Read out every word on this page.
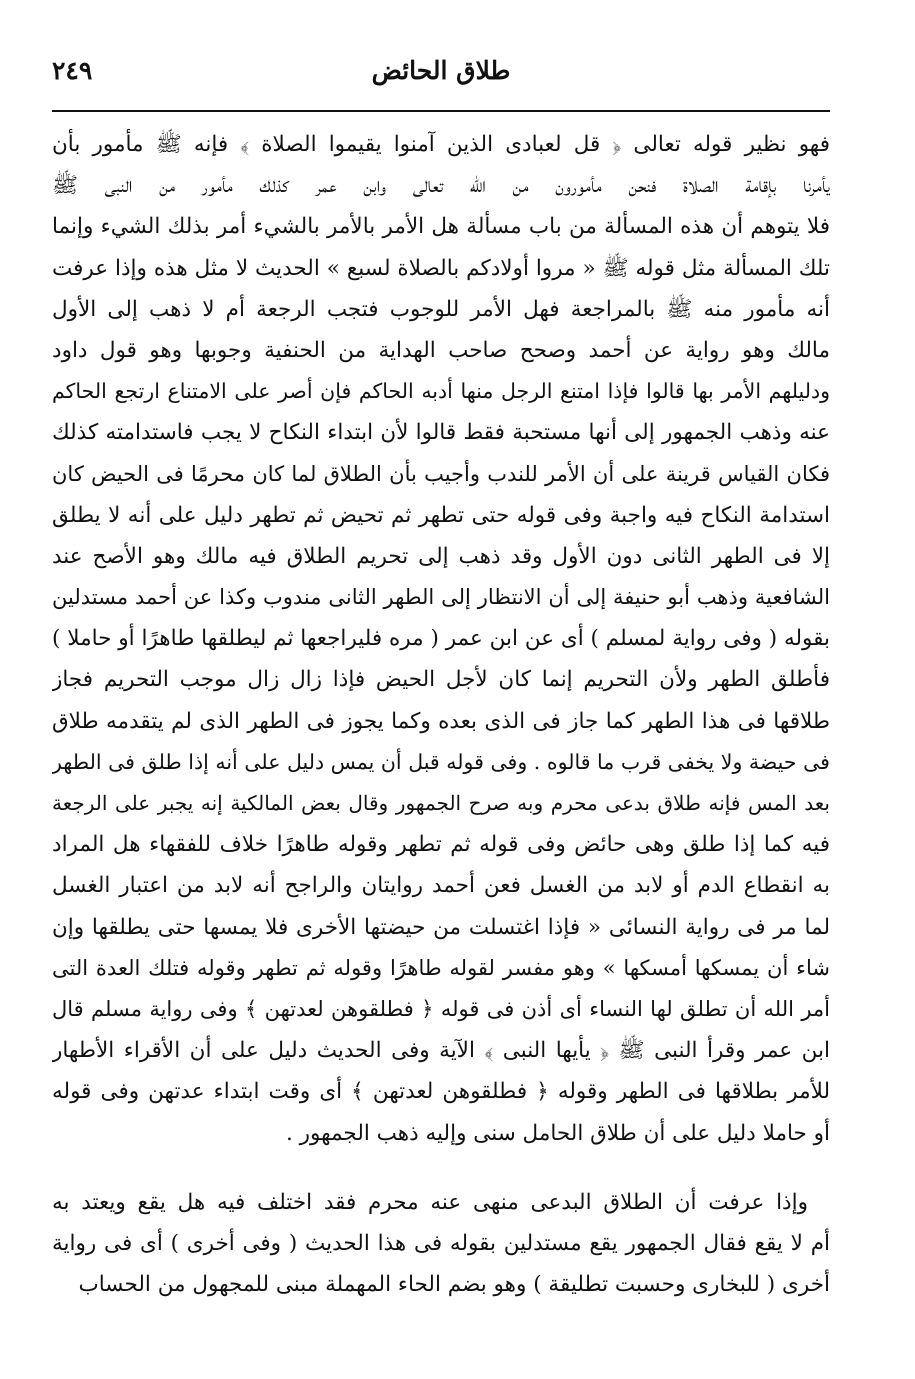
طلاق الحائض
٢٤٩
فهو نظير قوله تعالى ﴿ قل لعبادى الذين آمنوا يقيموا الصلاة ﴾ فإنه ﷺ مأمور بأن
يأمرنا بإقامة الصلاة فنحن مأمورون من الله تعالى وابن عمر كذلك مأمور من النبى ﷺ
فلا يتوهم أن هذه المسألة من باب مسألة هل الأمر بالأمر بالشيء أمر بذلك الشيء وإنما
تلك المسألة مثل قوله ﷺ « مروا أولادكم بالصلاة لسبع » الحديث لا مثل هذه وإذا عرفت
أنه مأمور منه ﷺ بالمراجعة فهل الأمر للوجوب فتجب الرجعة أم لا ذهب إلى الأول
مالك وهو رواية عن أحمد وصحح صاحب الهداية من الحنفية وجوبها وهو قول داود
ودليلهم الأمر بها قالوا فإذا امتنع الرجل منها أدبه الحاكم فإن أصر على الامتناع ارتجع الحاكم
عنه وذهب الجمهور إلى أنها مستحبة فقط قالوا لأن ابتداء النكاح لا يجب فاستدامته كذلك
فكان القياس قرينة على أن الأمر للندب وأجيب بأن الطلاق لما كان محرمًا فى الحيض كان
استدامة النكاح فيه واجبة وفى قوله حتى تطهر ثم تحيض ثم تطهر دليل على أنه لا يطلق
إلا فى الطهر الثانى دون الأول وقد ذهب إلى تحريم الطلاق فيه مالك وهو الأصح عند
الشافعية وذهب أبو حنيفة إلى أن الانتظار إلى الطهر الثانى مندوب وكذا عن أحمد مستدلين
بقوله ( وفى رواية لمسلم ) أى عن ابن عمر ( مره فليراجعها ثم ليطلقها طاهرًا أو حاملا )
فأطلق الطهر ولأن التحريم إنما كان لأجل الحيض فإذا زال زال موجب التحريم فجاز
طلاقها فى هذا الطهر كما جاز فى الذى بعده وكما يجوز فى الطهر الذى لم يتقدمه طلاق
فى حيضة ولا يخفى قرب ما قالوه . وفى قوله قبل أن يمس دليل على أنه إذا طلق فى الطهر
بعد المس فإنه طلاق بدعى محرم وبه صرح الجمهور وقال بعض المالكية إنه يجبر على الرجعة
فيه كما إذا طلق وهى حائض وفى قوله ثم تطهر وقوله طاهرًا خلاف للفقهاء هل المراد
به انقطاع الدم أو لابد من الغسل فعن أحمد روايتان والراجح أنه لابد من اعتبار الغسل
لما مر فى رواية النسائى « فإذا اغتسلت من حيضتها الأخرى فلا يمسها حتى يطلقها وإن
شاء أن يمسكها أمسكها » وهو مفسر لقوله طاهرًا وقوله ثم تطهر وقوله فتلك العدة التى
أمر الله أن تطلق لها النساء أى أذن فى قوله ﴿ فطلقوهن لعدتهن ﴾ وفى رواية مسلم قال
ابن عمر وقرأ النبى ﷺ ﴿ يأيها النبى ﴾ الآية وفى الحديث دليل على أن الأقراء الأطهار
للأمر بطلاقها فى الطهر وقوله ﴿ فطلقوهن لعدتهن ﴾ أى وقت ابتداء عدتهن وفى قوله
أو حاملا دليل على أن طلاق الحامل سنى وإليه ذهب الجمهور .
وإذا عرفت أن الطلاق البدعى منهى عنه محرم فقد اختلف فيه هل يقع ويعتد به
أم لا يقع فقال الجمهور يقع مستدلين بقوله فى هذا الحديث ( وفى أخرى ) أى فى رواية
أخرى ( للبخارى وحسبت تطليقة ) وهو بضم الحاء المهملة مبنى للمجهول من الحساب
